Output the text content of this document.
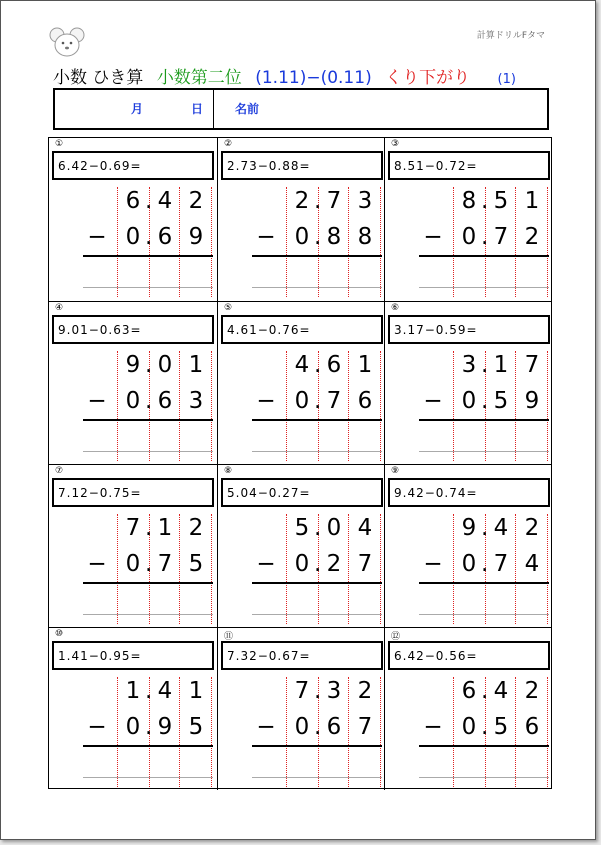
計算ドリルFタマ
小数 ひき算 小数第二位 (1.11)−(0.11) くり下がり (1)
月	日	名前
①
6.42−0.69=
6 4 2
0 6 9
.
.
−
②
2.73−0.88=
2 7 3
0 8 8
.
.
−
③
8.51−0.72=
8 5 1
0 7 2
.
.
−
④
9.01−0.63=
9 0 1
0 6 3
.
.
−
⑤
4.61−0.76=
4 6 1
0 7 6
.
.
−
⑥
3.17−0.59=
3 1 7
0 5 9
.
.
−
⑦
7.12−0.75=
7 1 2
0 7 5
.
.
−
⑧
5.04−0.27=
5 0 4
0 2 7
.
.
−
⑨
9.42−0.74=
9 4 2
0 7 4
.
.
−
⑩
1.41−0.95=
1 4 1
0 9 5
.
.
−
⑪
7.32−0.67=
7 3 2
0 6 7
.
.
−
⑫
6.42−0.56=
6 4 2
0 5 6
.
.
−
